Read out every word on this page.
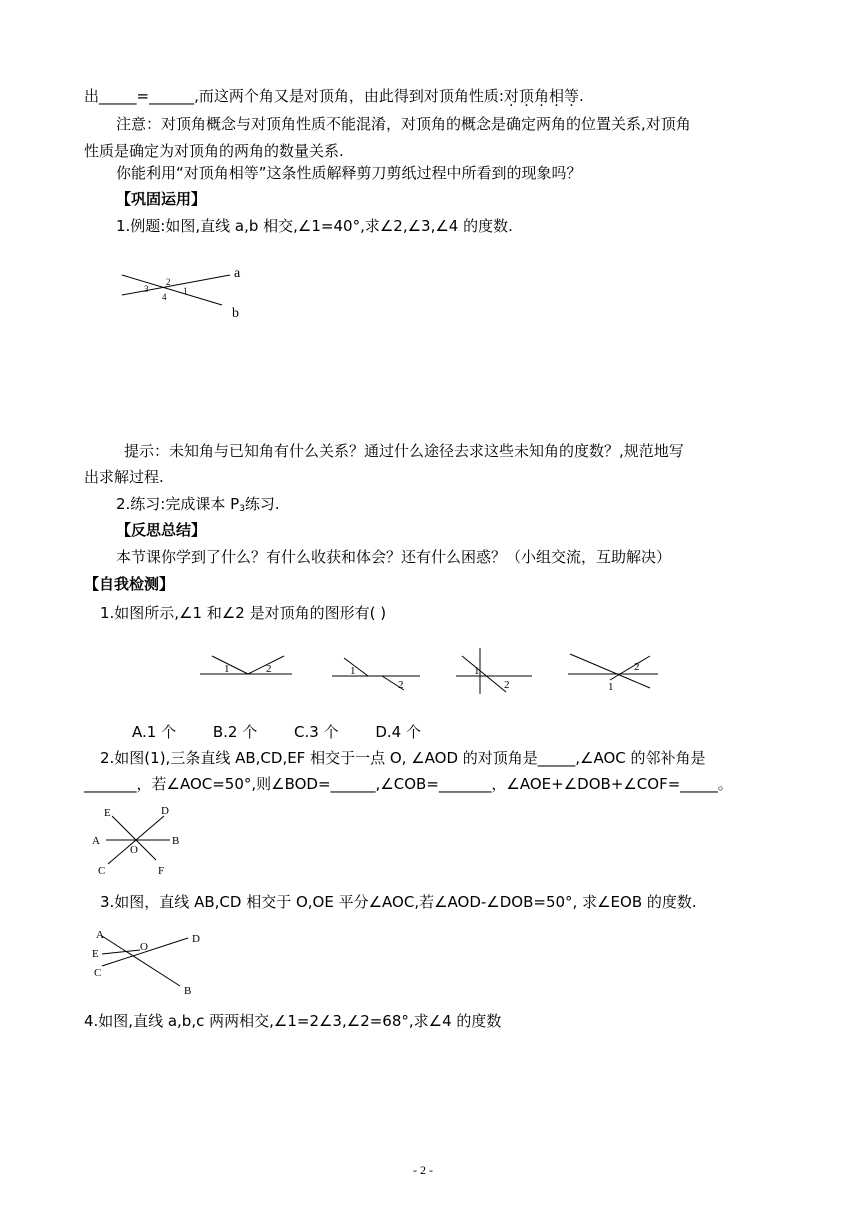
出_____=______,而这两个角又是对顶角，由此得到对顶角性质:对顶角相等.
注意：对顶角概念与对顶角性质不能混淆，对顶角的概念是确定两角的位置关系,对顶角
性质是确定为对顶角的两角的数量关系.
你能利用“对顶角相等”这条性质解释剪刀剪纸过程中所看到的现象吗？
【巩固运用】
1.例题:如图,直线 a,b 相交,∠1=40°,求∠2,∠3,∠4 的度数.
a
b
2
1
3
4
提示：未知角与已知角有什么关系？通过什么途径去求这些未知角的度数？,规范地写
出求解过程.
2.练习:完成课本 $P_3$练习.
【反思总结】
本节课你学到了什么？有什么收获和体会？还有什么困惑？（小组交流，互助解决）
【自我检测】
1.如图所示,∠1 和∠2 是对顶角的图形有( )
1	2	1
2
1
2
2
1
A.1 个 B.2 个 C.3 个 D.4 个
2.如图(1),三条直线 AB,CD,EF 相交于一点 O, ∠AOD 的对顶角是_____,∠AOC 的邻补角是
_______，若∠AOC=50°,则∠BOD=______,∠COB=_______，∠AOE+∠DOB+∠COF=_____。
E	D
A	B
O
C	F
3.如图，直线 AB,CD 相交于 O,OE 平分∠AOC,若∠AOD-∠DOB=50°, 求∠EOB 的度数.
A
E
C
O
D
B
4.如图,直线 a,b,c 两两相交,∠1=2∠3,∠2=68°,求∠4 的度数
- 2 -
